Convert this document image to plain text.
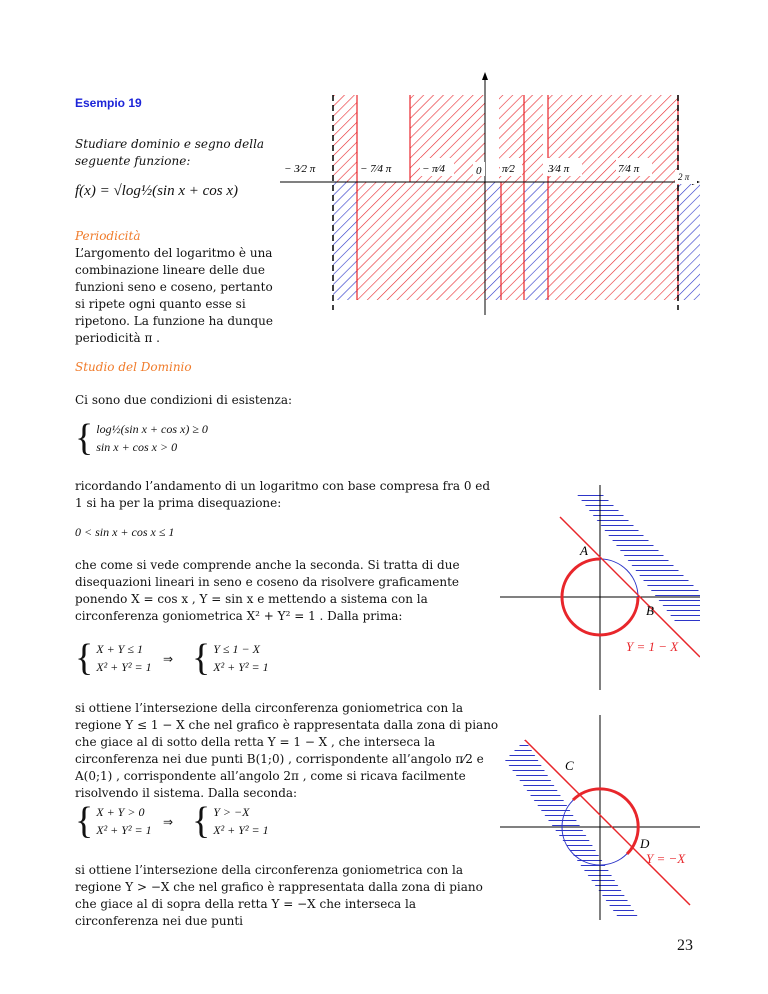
Esempio 19
Studiare dominio e segno della seguente funzione:
f(x) = √log½(sin x + cos x)
Periodicità
L’argomento del logaritmo è una combinazione lineare delle due funzioni seno e coseno, pertanto si ripete ogni quanto esse si ripetono. La funzione ha dunque periodicità π .
− 3⁄2 π	− 7⁄4 π	− π⁄4	0 π⁄2	3⁄4 π	7⁄4 π
2 π
Studio del Dominio
Ci sono due condizioni di esistenza:
{ log½(sin x + cos x) ≥ 0
sin x + cos x > 0
ricordando l’andamento di un logaritmo con base compresa fra 0 ed 1 si ha per la prima disequazione:
0 < sin x + cos x ≤ 1
che come si vede comprende anche la seconda. Si tratta di due disequazioni lineari in seno e coseno da risolvere graficamente ponendo X = cos x , Y = sin x e mettendo a sistema con la circonferenza goniometrica X² + Y² = 1 . Dalla prima:
{ X + Y ≤ 1
X² + Y² = 1
⇒ { Y ≤ 1 − X
X² + Y² = 1
si ottiene l’intersezione della circonferenza goniometrica con la regione Y ≤ 1 − X che nel grafico è rappresentata dalla zona di piano che giace al di sotto della retta Y = 1 − X , che interseca la circonferenza nei due punti B(1;0) , corrispondente all’angolo π⁄2 e A(0;1) , corrispondente all’angolo 2π , come si ricava facilmente risolvendo il sistema. Dalla seconda:
{ X + Y > 0
X² + Y² = 1
⇒ { Y > −X
X² + Y² = 1
si ottiene l’intersezione della circonferenza goniometrica con la regione Y > −X che nel grafico è rappresentata dalla zona di piano che giace al di sopra della retta Y = −X che interseca la circonferenza nei due punti
A
B
Y = 1 − X
C
D
Y = −X
23
